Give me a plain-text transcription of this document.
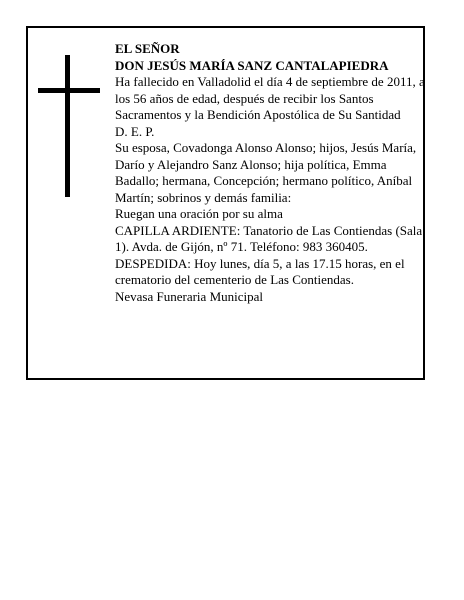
EL SEÑOR

DON JESÚS MARÍA SANZ CANTALAPIEDRA

Ha fallecido en Valladolid el día 4 de septiembre de 2011, a los 56 años de edad, después de recibir los Santos Sacramentos y la Bendición Apostólica de Su Santidad

D. E. P.

Su esposa, Covadonga Alonso Alonso; hijos, Jesús María, Darío y Alejandro Sanz Alonso; hija política, Emma Badallo; hermana, Concepción; hermano político, Aníbal Martín; sobrinos y demás familia:

Ruegan una oración por su alma

CAPILLA ARDIENTE: Tanatorio de Las Contiendas (Sala 1). Avda. de Gijón, nº 71. Teléfono: 983 360405.

DESPEDIDA: Hoy lunes, día 5, a las 17.15 horas, en el crematorio del cementerio de Las Contiendas.

Nevasa Funeraria Municipal
